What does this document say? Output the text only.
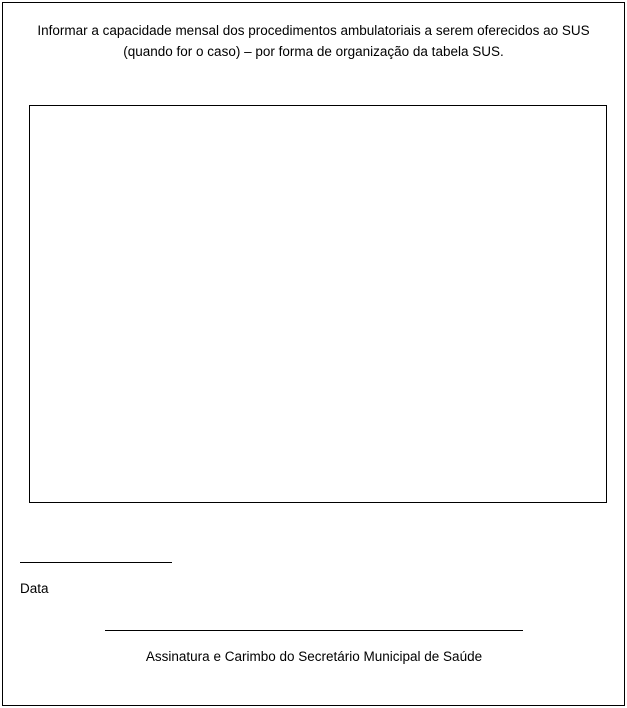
Informar a capacidade mensal dos procedimentos ambulatoriais a serem oferecidos ao SUS (quando for o caso) – por forma de organização da tabela SUS.
Data
Assinatura e Carimbo do Secretário Municipal de Saúde
